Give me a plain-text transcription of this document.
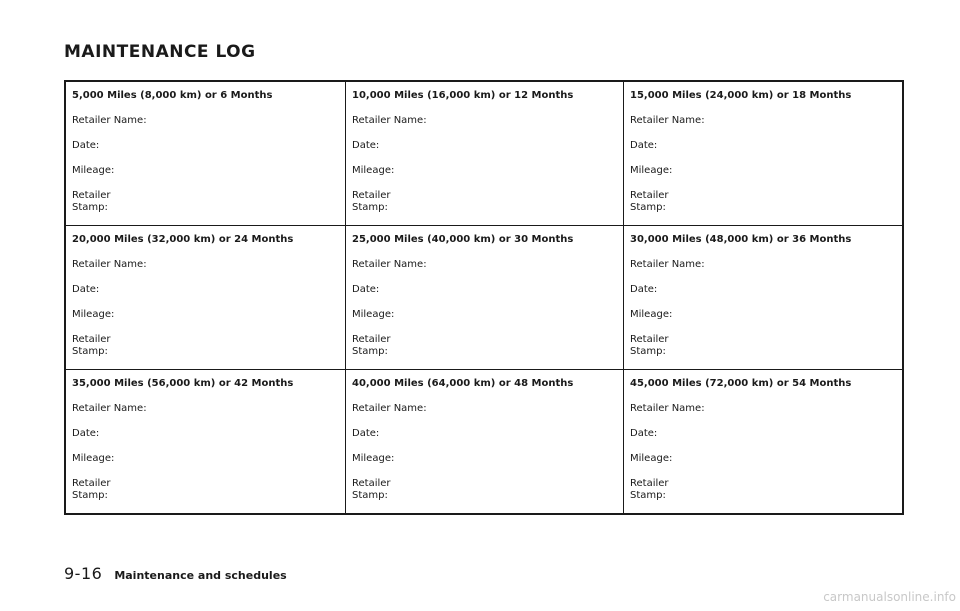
MAINTENANCE LOG
5,000 Miles (8,000 km) or 6 Months
Retailer Name:
Date:
Mileage:
Retailer
Stamp:
10,000 Miles (16,000 km) or 12 Months
Retailer Name:
Date:
Mileage:
Retailer
Stamp:
15,000 Miles (24,000 km) or 18 Months
Retailer Name:
Date:
Mileage:
Retailer
Stamp:
20,000 Miles (32,000 km) or 24 Months
Retailer Name:
Date:
Mileage:
Retailer
Stamp:
25,000 Miles (40,000 km) or 30 Months
Retailer Name:
Date:
Mileage:
Retailer
Stamp:
30,000 Miles (48,000 km) or 36 Months
Retailer Name:
Date:
Mileage:
Retailer
Stamp:
35,000 Miles (56,000 km) or 42 Months
Retailer Name:
Date:
Mileage:
Retailer
Stamp:
40,000 Miles (64,000 km) or 48 Months
Retailer Name:
Date:
Mileage:
Retailer
Stamp:
45,000 Miles (72,000 km) or 54 Months
Retailer Name:
Date:
Mileage:
Retailer
Stamp:
9-16 Maintenance and schedules
carmanualsonline.info
